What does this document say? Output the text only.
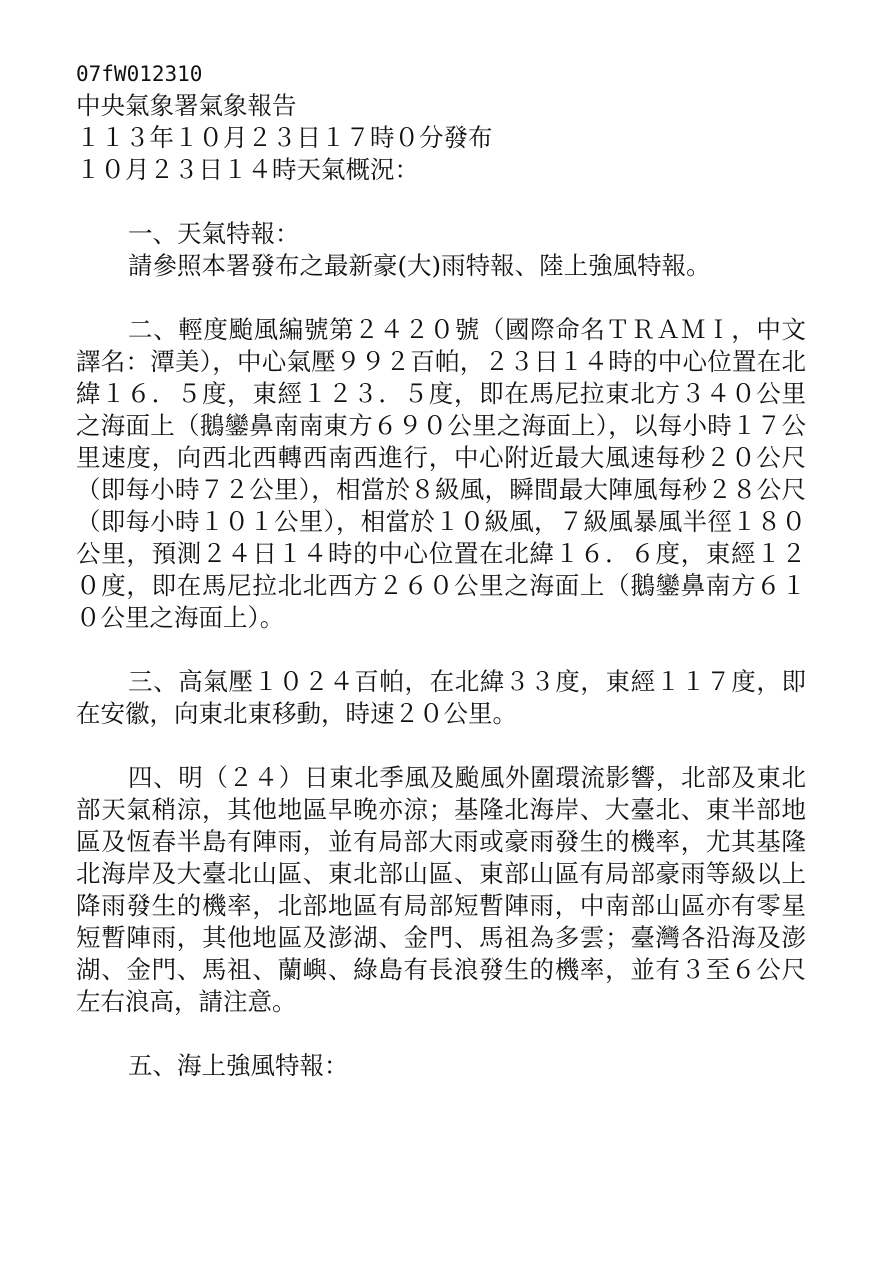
07fW012310

中央氣象署氣象報告

１１３年１０月２３日１７時０分發布

１０月２３日１４時天氣概況：

一、天氣特報：

請參照本署發布之最新豪(大)雨特報、陸上強風特報。

二、輕度颱風編號第２４２０號（國際命名ＴＲＡＭＩ，中文譯名：潭美），中心氣壓９９２百帕，２３日１４時的中心位置在北緯１６．５度，東經１２３．５度，即在馬尼拉東北方３４０公里之海面上（鵝鑾鼻南南東方６９０公里之海面上），以每小時１７公里速度，向西北西轉西南西進行，中心附近最大風速每秒２０公尺（即每小時７２公里），相當於８級風，瞬間最大陣風每秒２８公尺（即每小時１０１公里），相當於１０級風，７級風暴風半徑１８０公里，預測２４日１４時的中心位置在北緯１６．６度，東經１２０度，即在馬尼拉北北西方２６０公里之海面上（鵝鑾鼻南方６１０公里之海面上）。

三、高氣壓１０２４百帕，在北緯３３度，東經１１７度，即在安徽，向東北東移動，時速２０公里。

四、明（２４）日東北季風及颱風外圍環流影響，北部及東北部天氣稍涼，其他地區早晚亦涼；基隆北海岸、大臺北、東半部地區及恆春半島有陣雨，並有局部大雨或豪雨發生的機率，尤其基隆北海岸及大臺北山區、東北部山區、東部山區有局部豪雨等級以上降雨發生的機率，北部地區有局部短暫陣雨，中南部山區亦有零星短暫陣雨，其他地區及澎湖、金門、馬祖為多雲；臺灣各沿海及澎湖、金門、馬祖、蘭嶼、綠島有長浪發生的機率，並有３至６公尺左右浪高，請注意。

五、海上強風特報：
